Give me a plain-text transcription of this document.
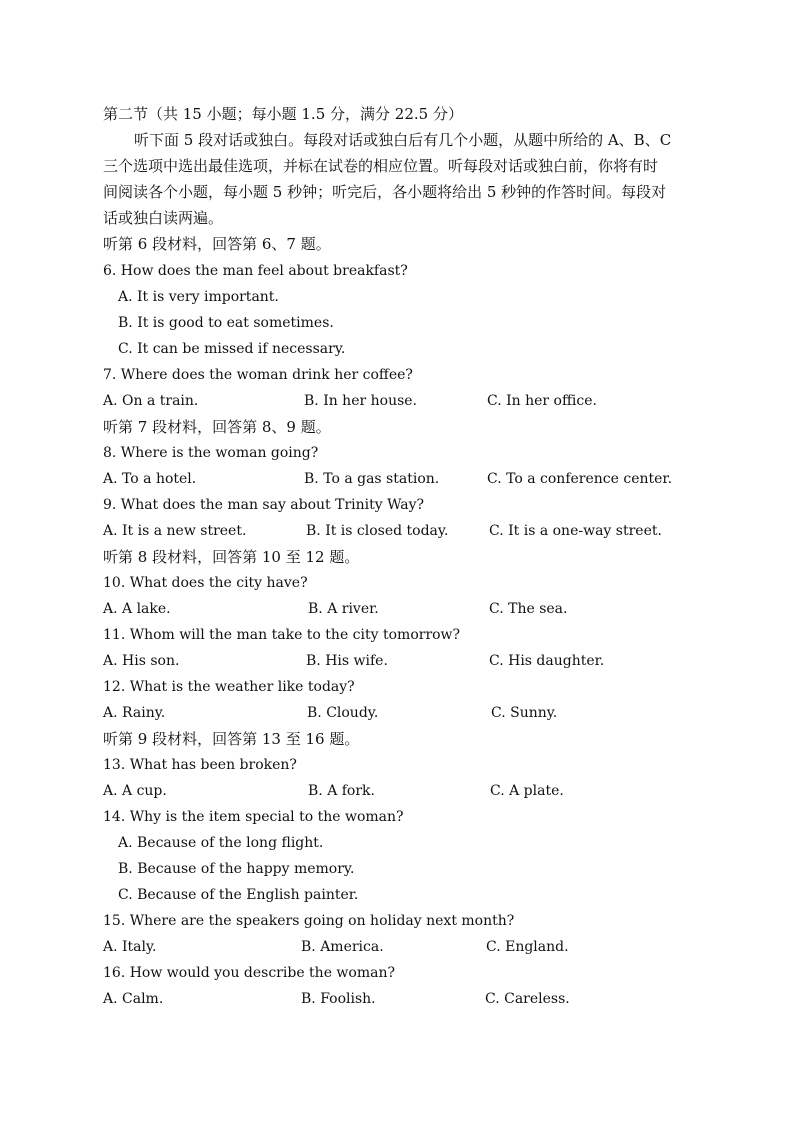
第二节（共 15 小题；每小题 1.5 分，满分 22.5 分）
听下面 5 段对话或独白。每段对话或独白后有几个小题，从题中所给的 A、B、C
三个选项中选出最佳选项，并标在试卷的相应位置。听每段对话或独白前，你将有时
间阅读各个小题，每小题 5 秒钟；听完后，各小题将给出 5 秒钟的作答时间。每段对
话或独白读两遍。
听第 6 段材料，回答第 6、7 题。
6. How does the man feel about breakfast?
A. It is very important.
B. It is good to eat sometimes.
C. It can be missed if necessary.
7. Where does the woman drink her coffee?
A. On a train.	B. In her house.	C. In her office.
听第 7 段材料，回答第 8、9 题。
8. Where is the woman going?
A. To a hotel.	B. To a gas station.	C. To a conference center.
9. What does the man say about Trinity Way?
A. It is a new street.	B. It is closed today.	C. It is a one-way street.
听第 8 段材料，回答第 10 至 12 题。
10. What does the city have?
A. A lake.	B. A river.	C. The sea.
11. Whom will the man take to the city tomorrow?
A. His son.	B. His wife.	C. His daughter.
12. What is the weather like today?
A. Rainy.	B. Cloudy.	C. Sunny.
听第 9 段材料，回答第 13 至 16 题。
13. What has been broken?
A. A cup.	B. A fork.	C. A plate.
14. Why is the item special to the woman?
A. Because of the long flight.
B. Because of the happy memory.
C. Because of the English painter.
15. Where are the speakers going on holiday next month?
A. Italy.	B. America.	C. England.
16. How would you describe the woman?
A. Calm.	B. Foolish.	C. Careless.
